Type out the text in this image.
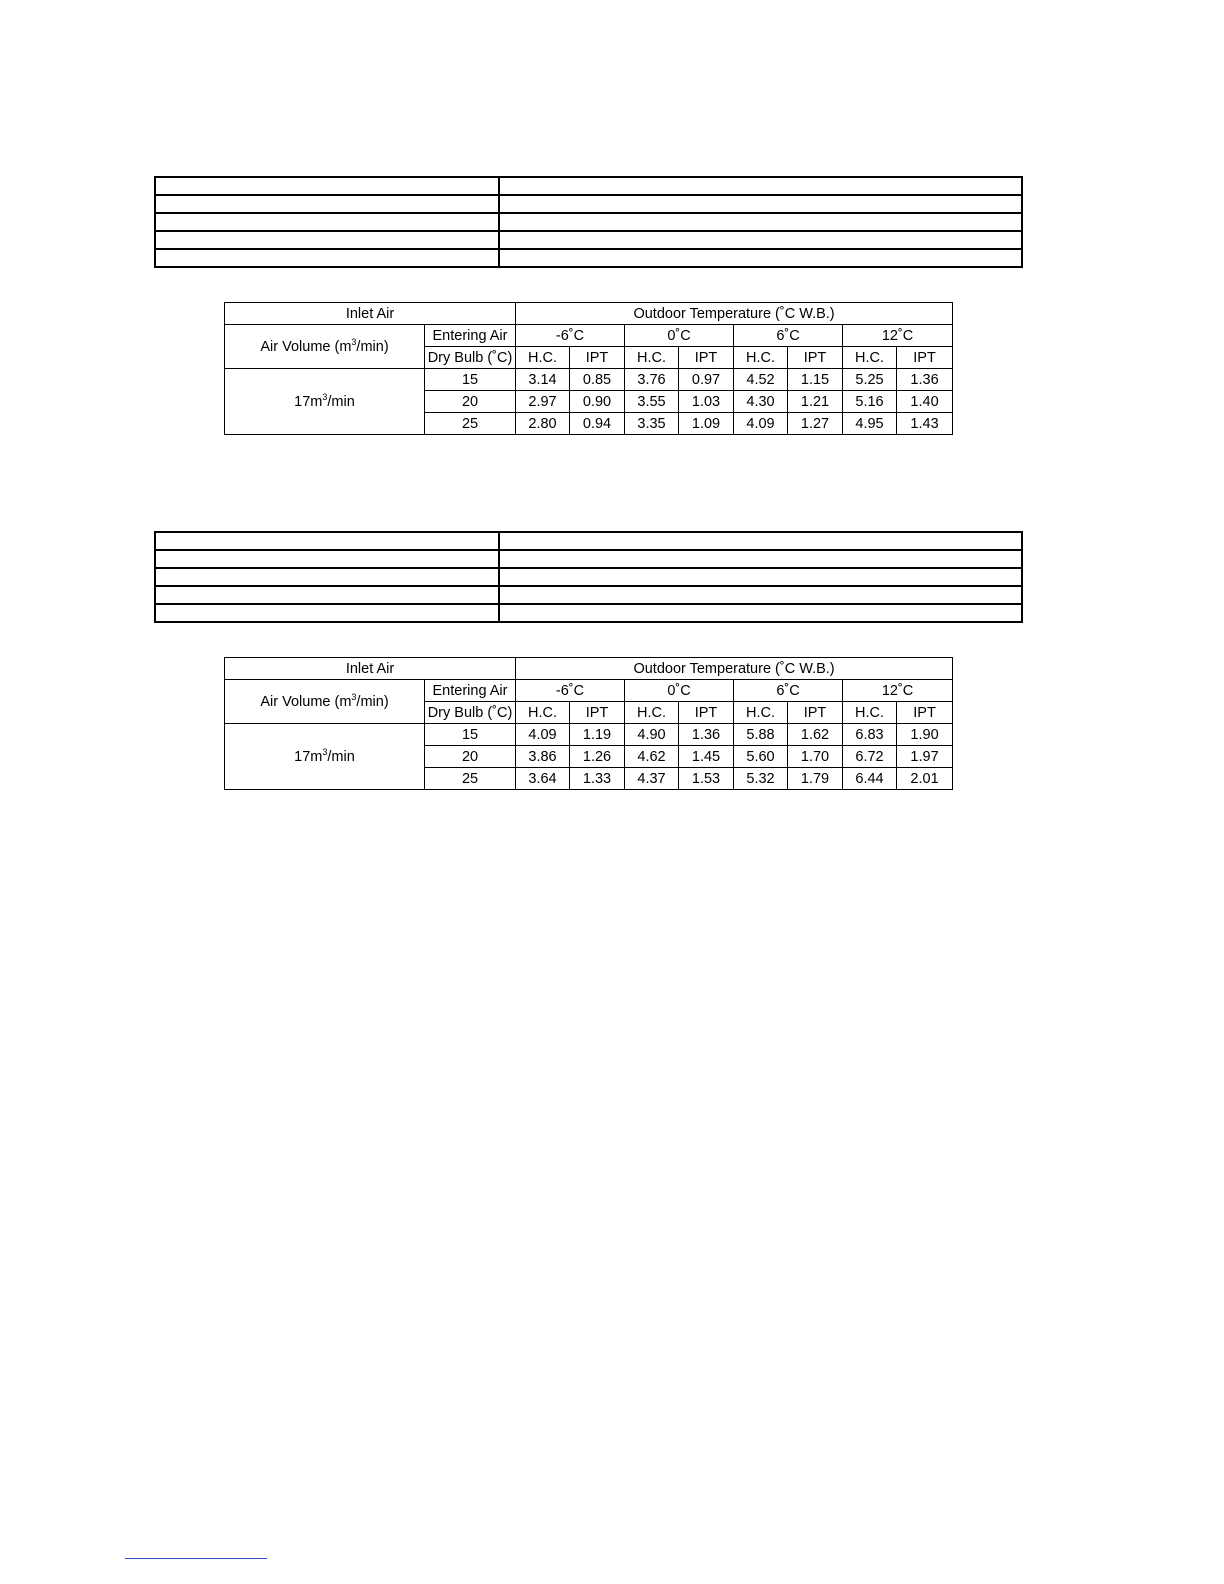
Inlet Air		Outdoor Temperature (˚C W.B.)							
Air Volume $(m^3/\min)$	Entering Air	-6˚C		0˚C		6˚C		12˚C	
	Dry Bulb (˚C)	H.C.	IPT	H.C.	IPT	H.C.	IPT	H.C.	IPT
$17m^3/\min$	15	3.14	0.85	3.76	0.97	4.52	1.15	5.25	1.36
	20	2.97	0.90	3.55	1.03	4.30	1.21	5.16	1.40
	25	2.80	0.94	3.35	1.09	4.09	1.27	4.95	1.43

Inlet Air		Outdoor Temperature (˚C W.B.)							
Air Volume $(m^3/\min)$	Entering Air	-6˚C		0˚C		6˚C		12˚C	
	Dry Bulb (˚C)	H.C.	IPT	H.C.	IPT	H.C.	IPT	H.C.	IPT
$17m^3/\min$	15	4.09	1.19	4.90	1.36	5.88	1.62	6.83	1.90
	20	3.86	1.26	4.62	1.45	5.60	1.70	6.72	1.97
	25	3.64	1.33	4.37	1.53	5.32	1.79	6.44	2.01
